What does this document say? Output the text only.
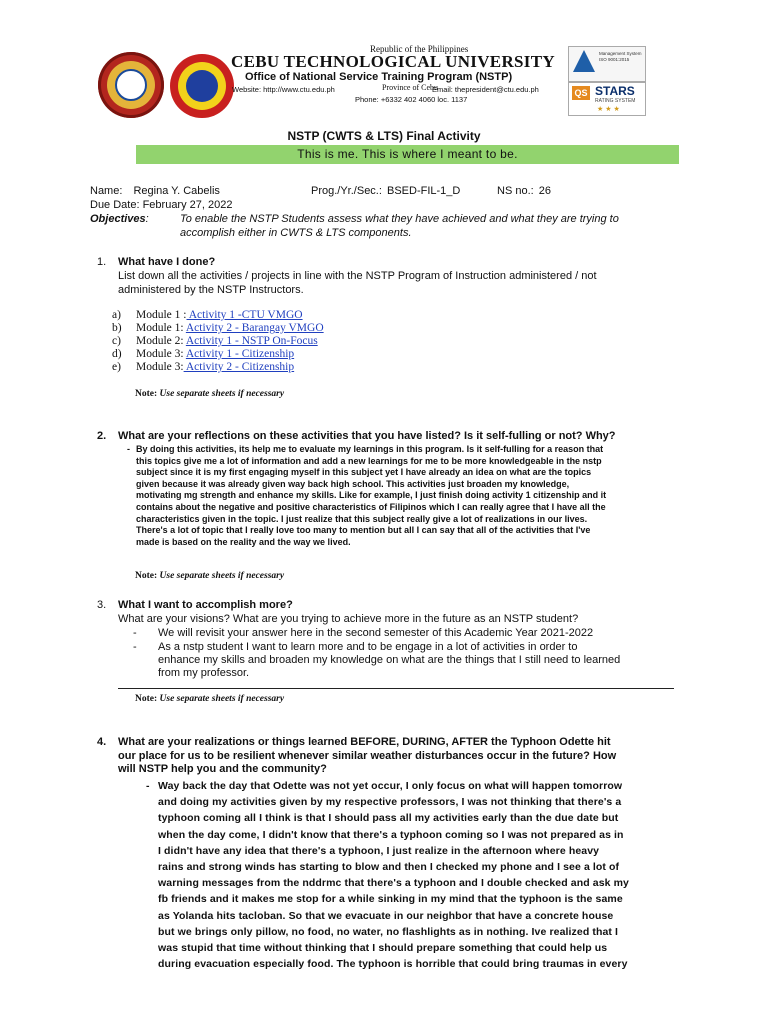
Republic of the Philippines
CEBU TECHNOLOGICAL UNIVERSITY
Office of National Service Training Program (NSTP)
Province of Cebu
Website: http://www.ctu.edu.ph	Email: thepresident@ctu.edu.ph
Phone: +6332 402 4060 loc. 1137
Management System ISO 9001:2015
QS STARS
RATING SYSTEM
★★★
NSTP (CWTS & LTS) Final Activity
This is me. This is where I meant to be.
Name: Regina Y. Cabelis	Prog./Yr./Sec.: BSED-FIL-1_D	NS no.: 26
Due Date: February 27, 2022
Objectives:	To enable the NSTP Students assess what they have achieved and what they are trying to
accomplish either in CWTS & LTS components.
1. What have I done?
List down all the activities / projects in line with the NSTP Program of Instruction administered / not
administered by the NSTP Instructors.
a) Module 1 : Activity 1 -CTU VMGO
b) Module 1: Activity 2 - Barangay VMGO
c) Module 2: Activity 1 - NSTP On-Focus
d) Module 3: Activity 1 - Citizenship
e) Module 3: Activity 2 - Citizenship
Note: Use separate sheets if necessary
2. What are your reflections on these activities that you have listed? Is it self-fulling or not? Why?
- By doing this activities, its help me to evaluate my learnings in this program. Is it self-fulling for a reason that
this topics give me a lot of information and add a new learnings for me to be more knowledgeable in the nstp
subject since it is my first engaging myself in this subject yet I have already an idea on what are the topics
given because it was already given way back high school. This activities just broaden my knowledge,
motivating mg strength and enhance my skills. Like for example, I just finish doing activity 1 citizenship and it
contains about the negative and positive characteristics of Filipinos which I can really agree that I have all the
characteristics given in the topic. I just realize that this subject really give a lot of realizations in our lives.
There's a lot of topic that I really love too many to mention but all I can say that all of the activities that I've
made is based on the reality and the way we lived.
Note: Use separate sheets if necessary
3. What I want to accomplish more?
What are your visions? What are you trying to achieve more in the future as an NSTP student?
- We will revisit your answer here in the second semester of this Academic Year 2021-2022
- As a nstp student I want to learn more and to be engage in a lot of activities in order to
enhance my skills and broaden my knowledge on what are the things that I still need to learned
from my professor.
Note: Use separate sheets if necessary
4. What are your realizations or things learned BEFORE, DURING, AFTER the Typhoon Odette hit
our place for us to be resilient whenever similar weather disturbances occur in the future? How
will NSTP help you and the community?
- Way back the day that Odette was not yet occur, I only focus on what will happen tomorrow
and doing my activities given by my respective professors, I was not thinking that there's a
typhoon coming all I think is that I should pass all my activities early than the due date but
when the day come, I didn't know that there's a typhoon coming so I was not prepared as in
I didn't have any idea that there's a typhoon, I just realize in the afternoon where heavy
rains and strong winds has starting to blow and then I checked my phone and I see a lot of
warning messages from the nddrmc that there's a typhoon and I double checked and ask my
fb friends and it makes me stop for a while sinking in my mind that the typhoon is the same
as Yolanda hits tacloban. So that we evacuate in our neighbor that have a concrete house
but we brings only pillow, no food, no water, no flashlights as in nothing. Ive realized that I
was stupid that time without thinking that I should prepare something that could help us
during evacuation especially food. The typhoon is horrible that could bring traumas in every
